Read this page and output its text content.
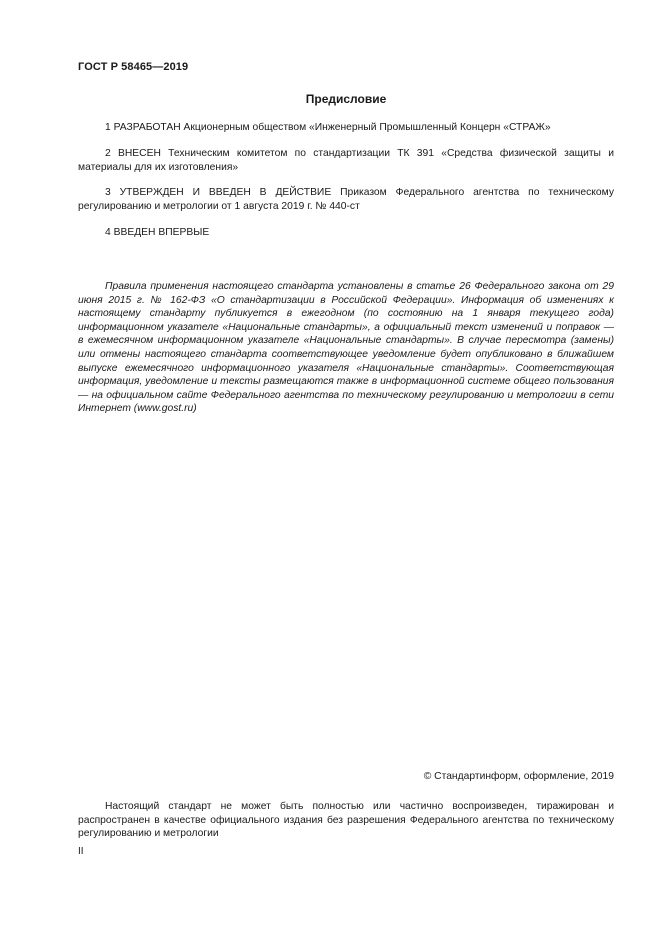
ГОСТ Р 58465—2019
Предисловие

1 РАЗРАБОТАН Акционерным обществом «Инженерный Промышленный Концерн «СТРАЖ»

2 ВНЕСЕН Техническим комитетом по стандартизации ТК 391 «Средства физической защиты и материалы для их изготовления»

3 УТВЕРЖДЕН И ВВЕДЕН В ДЕЙСТВИЕ Приказом Федерального агентства по техническому регулированию и метрологии от 1 августа 2019 г. № 440-ст

4 ВВЕДЕН ВПЕРВЫЕ

Правила применения настоящего стандарта установлены в статье 26 Федерального закона от 29 июня 2015 г. № 162-ФЗ «О стандартизации в Российской Федерации». Информация об изменениях к настоящему стандарту публикуется в ежегодном (по состоянию на 1 января текущего года) информационном указателе «Национальные стандарты», а официальный текст изменений и поправок — в ежемесячном информационном указателе «Национальные стандарты». В случае пересмотра (замены) или отмены настоящего стандарта соответствующее уведомление будет опубликовано в ближайшем выпуске ежемесячного информационного указателя «Национальные стандарты». Соответствующая информация, уведомление и тексты размещаются также в информационной системе общего пользования — на официальном сайте Федерального агентства по техническому регулированию и метрологии в сети Интернет (www.gost.ru)

© Стандартинформ, оформление, 2019

Настоящий стандарт не может быть полностью или частично воспроизведен, тиражирован и распространен в качестве официального издания без разрешения Федерального агентства по техническому регулированию и метрологии

II
